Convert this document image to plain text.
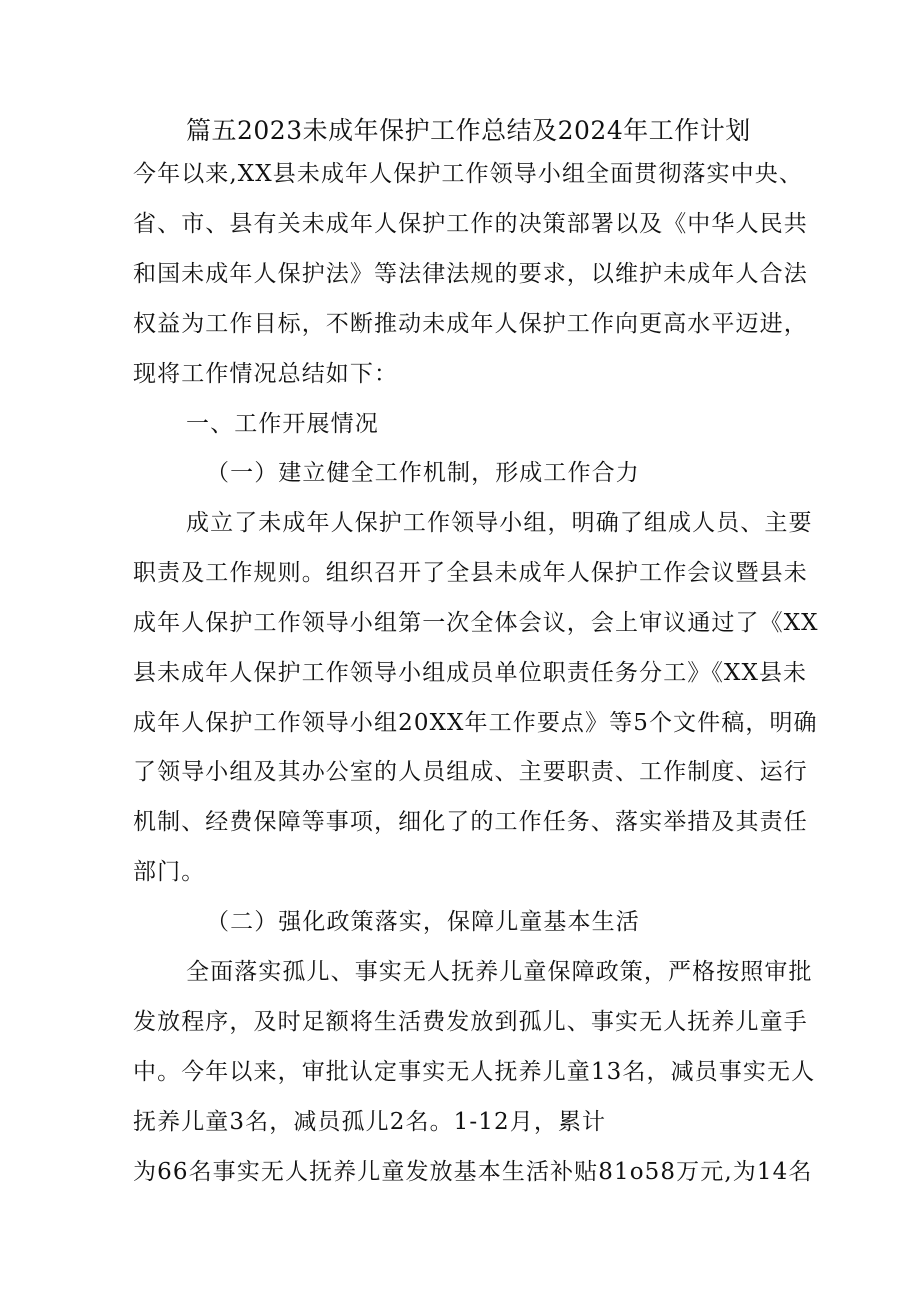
篇五2023未成年保护工作总结及2024年工作计划
今年以来,XX县未成年人保护工作领导小组全面贯彻落实中央、
省、市、县有关未成年人保护工作的决策部署以及《中华人民共
和国未成年人保护法》等法律法规的要求，以维护未成年人合法
权益为工作目标，不断推动未成年人保护工作向更高水平迈进，
现将工作情况总结如下：
一、工作开展情况
（一）建立健全工作机制，形成工作合力
成立了未成年人保护工作领导小组，明确了组成人员、主要
职责及工作规则。组织召开了全县未成年人保护工作会议暨县未
成年人保护工作领导小组第一次全体会议，会上审议通过了《XX
县未成年人保护工作领导小组成员单位职责任务分工》《XX县未
成年人保护工作领导小组20XX年工作要点》等5个文件稿，明确
了领导小组及其办公室的人员组成、主要职责、工作制度、运行
机制、经费保障等事项，细化了的工作任务、落实举措及其责任
部门。
（二）强化政策落实，保障儿童基本生活
全面落实孤儿、事实无人抚养儿童保障政策，严格按照审批
发放程序，及时足额将生活费发放到孤儿、事实无人抚养儿童手
中。今年以来，审批认定事实无人抚养儿童13名，减员事实无人
抚养儿童3名，减员孤儿2名。1-12月，累计
为66名事实无人抚养儿童发放基本生活补贴81o58万元,为14名
